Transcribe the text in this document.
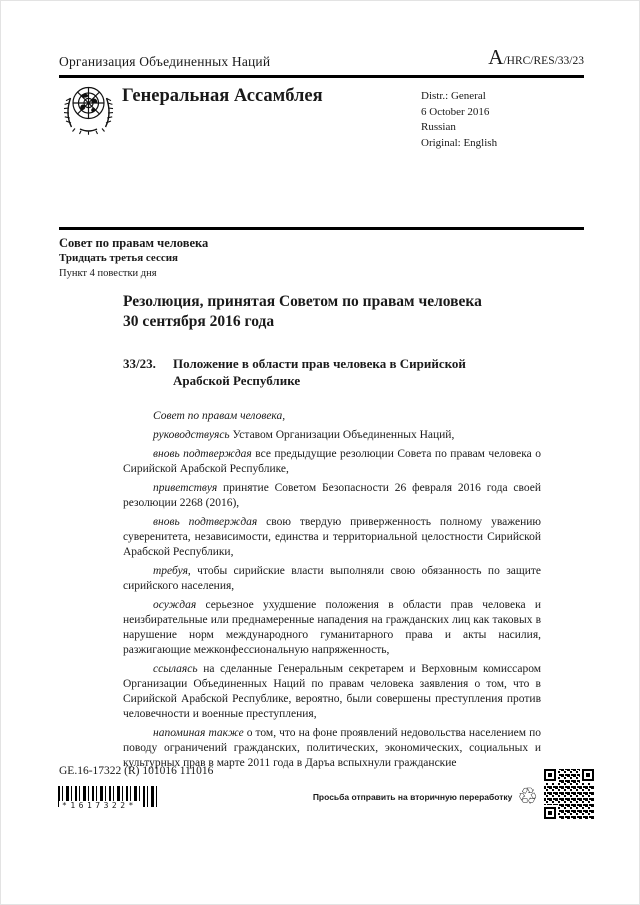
Организация Объединенных Наций	A /HRC/RES/33/23
Генеральная Ассамблея	Distr.: General
6 October 2016
Russian
Original: English
Совет по правам человека
Тридцать третья сессия
Пункт 4 повестки дня
Резолюция, принятая Советом по правам человека
30 сентября 2016 года
33/23.	Положение в области прав человека в Сирийской Арабской Республике

Совет по правам человека,

руководствуясь Уставом Организации Объединенных Наций,

вновь подтверждая все предыдущие резолюции Совета по правам человека о Сирийской Арабской Республике,

приветствуя принятие Советом Безопасности 26 февраля 2016 года своей резолюции 2268 (2016),

вновь подтверждая свою твердую приверженность полному уважению суверенитета, независимости, единства и территориальной целостности Сирийской Арабской Республики,

требуя, чтобы сирийские власти выполняли свою обязанность по защите сирийского населения,

осуждая серьезное ухудшение положения в области прав человека и неизбирательные или преднамеренные нападения на гражданских лиц как таковых в нарушение норм международного гуманитарного права и акты насилия, разжигающие межконфессиональную напряженность,

ссылаясь на сделанные Генеральным секретарем и Верховным комиссаром Организации Объединенных Наций по правам человека заявления о том, что в Сирийской Арабской Республике, вероятно, были совершены преступления против человечности и военные преступления,

напоминая также о том, что на фоне проявлений недовольства населением по поводу ограничений гражданских, политических, экономических, социальных и культурных прав в марте 2011 года в Даръа вспыхнули гражданские

GE.16-17322 (R) 101016 111016
*1617322*
Просьба отправить на вторичную переработку ♲
